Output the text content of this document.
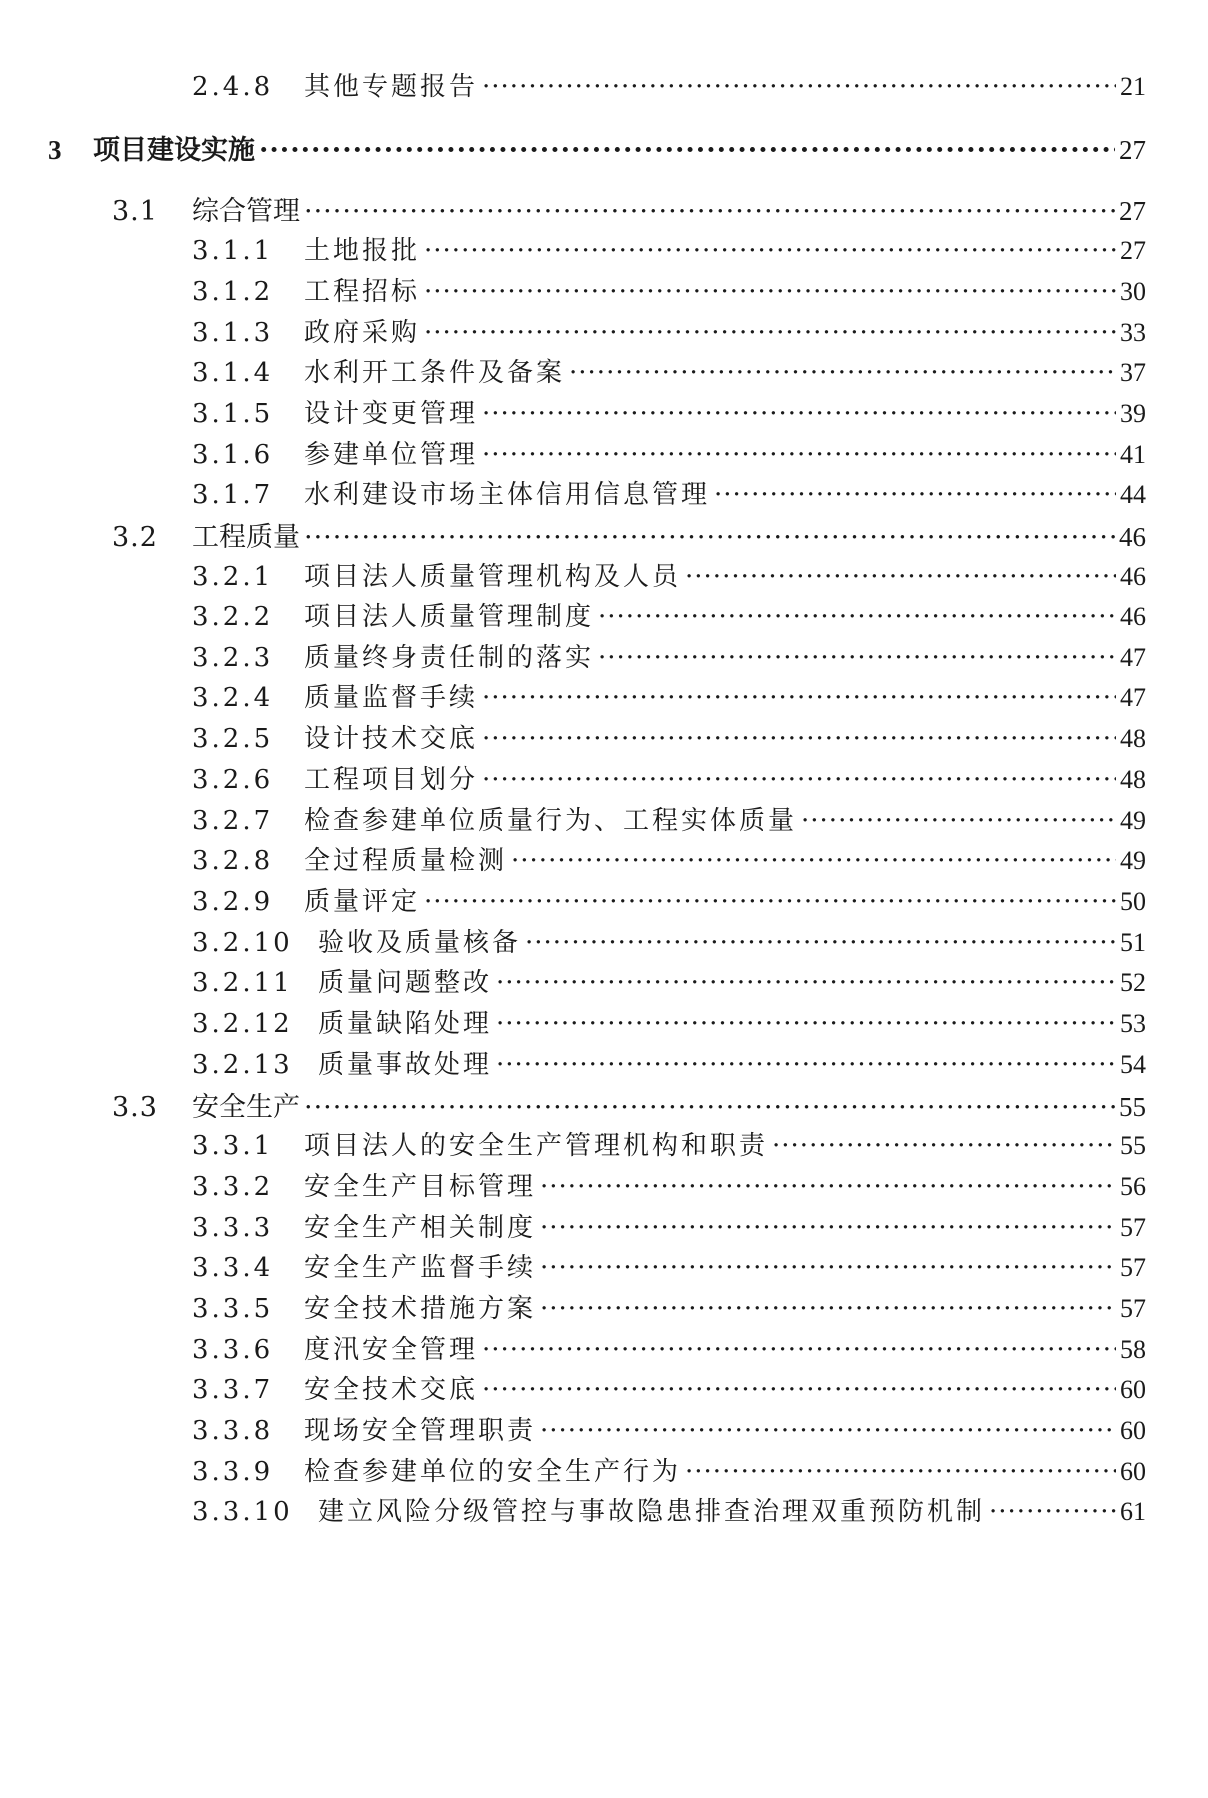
2.4.8	其他专题报告 ·····	21
3	项目建设实施 ·····	27
3.1	综合管理 ·····	27
3.1.1	土地报批 ·····	27
3.1.2	工程招标 ·····	30
3.1.3	政府采购 ·····	33
3.1.4	水利开工条件及备案 ·····	37
3.1.5	设计变更管理 ·····	39
3.1.6	参建单位管理 ·····	41
3.1.7	水利建设市场主体信用信息管理 ·····	44
3.2	工程质量 ·····	46
3.2.1	项目法人质量管理机构及人员 ·····	46
3.2.2	项目法人质量管理制度 ·····	46
3.2.3	质量终身责任制的落实 ·····	47
3.2.4	质量监督手续 ·····	47
3.2.5	设计技术交底 ·····	48
3.2.6	工程项目划分 ·····	48
3.2.7	检查参建单位质量行为、工程实体质量 ·····	49
3.2.8	全过程质量检测 ·····	49
3.2.9	质量评定 ·····	50
3.2.10 验收及质量核备 ·····	51
3.2.11 质量问题整改 ·····	52
3.2.12 质量缺陷处理 ·····	53
3.2.13 质量事故处理 ·····	54
3.3	安全生产 ·····	55
3.3.1	项目法人的安全生产管理机构和职责 ·····	55
3.3.2	安全生产目标管理 ·····	56
3.3.3	安全生产相关制度 ·····	57
3.3.4	安全生产监督手续 ·····	57
3.3.5	安全技术措施方案 ·····	57
3.3.6	度汛安全管理 ·····	58
3.3.7	安全技术交底 ·····	60
3.3.8	现场安全管理职责 ·····	60
3.3.9	检查参建单位的安全生产行为 ·····	60
3.3.10 建立风险分级管控与事故隐患排查治理双重预防机制 ·····	61
